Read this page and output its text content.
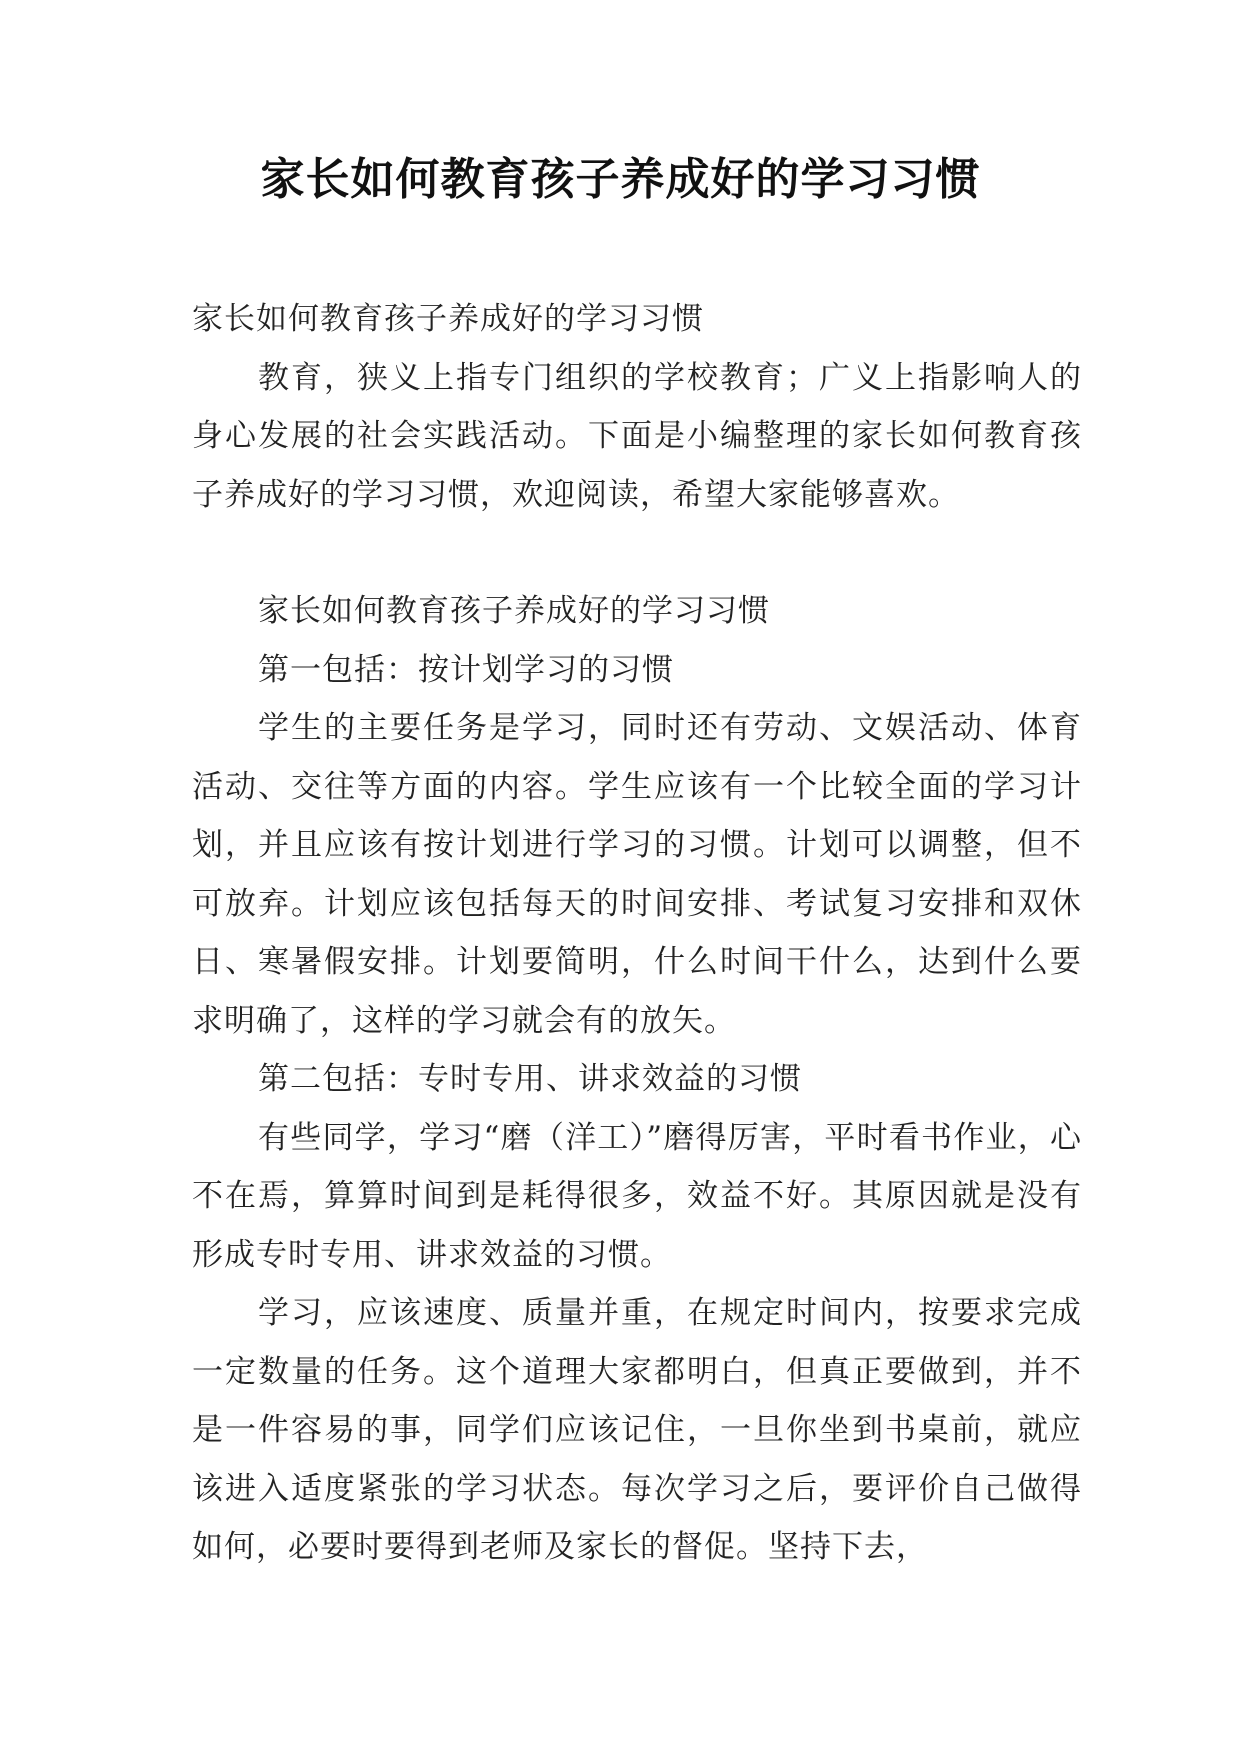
家长如何教育孩子养成好的学习习惯

家长如何教育孩子养成好的学习习惯

教育，狭义上指专门组织的学校教育；广义上指影响人的身心发展的社会实践活动。下面是小编整理的家长如何教育孩子养成好的学习习惯，欢迎阅读，希望大家能够喜欢。

家长如何教育孩子养成好的学习习惯

第一包括：按计划学习的习惯

学生的主要任务是学习，同时还有劳动、文娱活动、体育活动、交往等方面的内容。学生应该有一个比较全面的学习计划，并且应该有按计划进行学习的习惯。计划可以调整，但不可放弃。计划应该包括每天的时间安排、考试复习安排和双休日、寒暑假安排。计划要简明，什么时间干什么，达到什么要求明确了，这样的学习就会有的放矢。

第二包括：专时专用、讲求效益的习惯

有些同学，学习“磨（洋工）”磨得厉害，平时看书作业，心不在焉，算算时间到是耗得很多，效益不好。其原因就是没有形成专时专用、讲求效益的习惯。

学习，应该速度、质量并重，在规定时间内，按要求完成一定数量的任务。这个道理大家都明白，但真正要做到，并不是一件容易的事，同学们应该记住，一旦你坐到书桌前，就应该进入适度紧张的学习状态。每次学习之后，要评价自己做得如何，必要时要得到老师及家长的督促。坚持下去，
